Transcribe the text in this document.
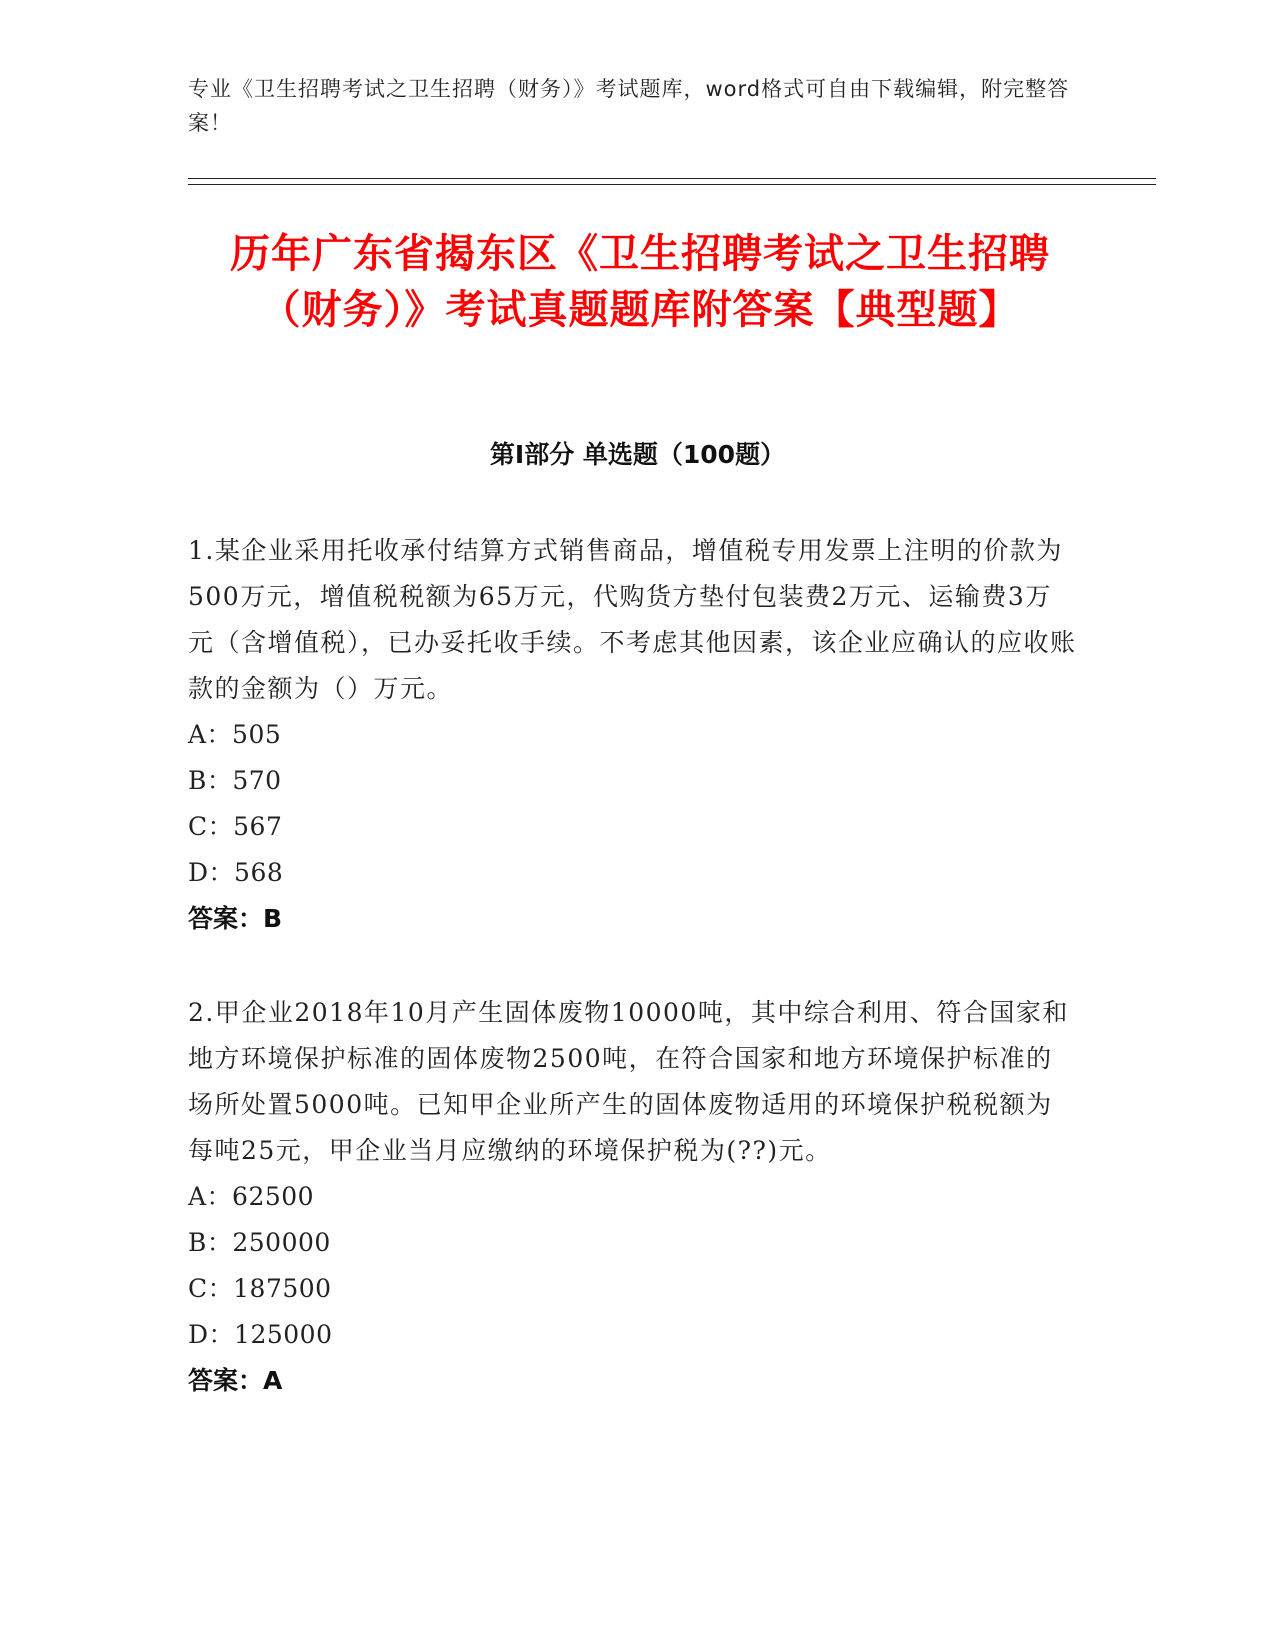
专业《卫生招聘考试之卫生招聘（财务）》考试题库，word格式可自由下载编辑，附完整答案！
历年广东省揭东区《卫生招聘考试之卫生招聘（财务）》考试真题题库附答案【典型题】
第Ⅰ部分 单选题（100题）

1.某企业采用托收承付结算方式销售商品，增值税专用发票上注明的价款为500万元，增值税税额为65万元，代购货方垫付包装费2万元、运输费3万元（含增值税），已办妥托收手续。不考虑其他因素，该企业应确认的应收账款的金额为（）万元。

A：505

B：570

C：567

D：568

答案：B

2.甲企业2018年10月产生固体废物10000吨，其中综合利用、符合国家和地方环境保护标准的固体废物2500吨，在符合国家和地方环境保护标准的场所处置5000吨。已知甲企业所产生的固体废物适用的环境保护税税额为每吨25元，甲企业当月应缴纳的环境保护税为(??)元。

A：62500

B：250000

C：187500

D：125000

答案：A
